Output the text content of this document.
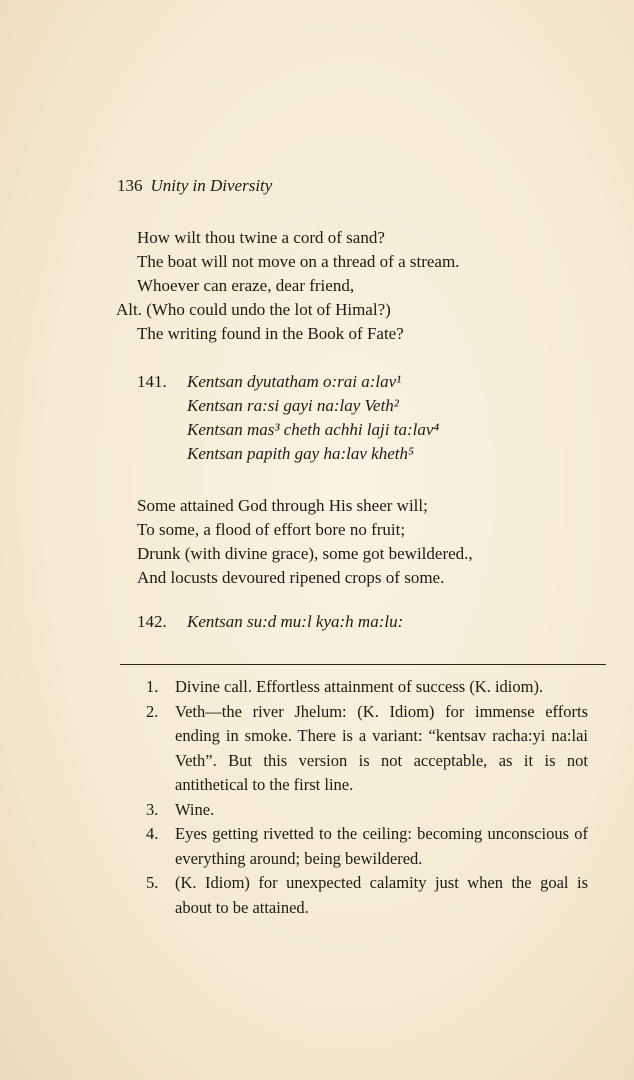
136 Unity in Diversity
How wilt thou twine a cord of sand?
The boat will not move on a thread of a stream.
Whoever can eraze, dear friend,
Alt. (Who could undo the lot of Himal?)
The writing found in the Book of Fate?
141. Kentsan dyutatham o:rai a:lav¹
Kentsan ra:si gayi na:lay Veth²
Kentsan mas³ cheth achhi laji ta:lav⁴
Kentsan papith gay ha:lav kheth⁵
Some attained God through His sheer will;
To some, a flood of effort bore no fruit;
Drunk (with divine grace), some got bewildered.,
And locusts devoured ripened crops of some.
142. Kentsan su:d mu:l kya:h ma:lu:
1. Divine call. Effortless attainment of success (K. idiom).
2. Veth—the river Jhelum: (K. Idiom) for immense efforts ending in smoke. There is a variant: “kentsav racha:yi na:lai Veth”. But this version is not acceptable, as it is not antithetical to the first line.
3. Wine.
4. Eyes getting rivetted to the ceiling: becoming unconscious of everything around; being bewildered.
5. (K. Idiom) for unexpected calamity just when the goal is about to be attained.
